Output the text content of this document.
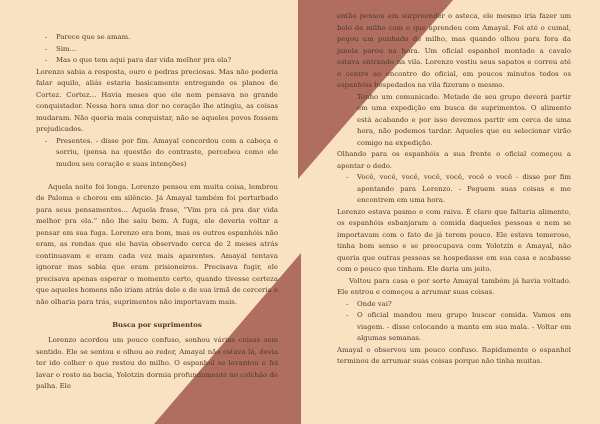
- Parece que se amam.

- Sim…

- Mas o que tem aqui para dar vida melhor pra ela?

Lorenzo sabia a resposta, ouro e pedras preciosas. Mas não poderia falar aquilo, aliás estaria basicamente entregando os planos de Cortez. Cortez… Havia meses que ele nem pensava no grande conquistador. Nessa hora uma dor no coração lhe atingiu, as coisas mudaram. Não queria mais conquistar, não se aqueles povos fossem prejudicados.

- Presentes. - disse por fim. Amayal concordou com a cabeça e sorriu, (pensa na questão do contraste, percebeu como ele mudou seu coração e suas intenções)

Aquela noite foi longa. Lorenzo pensou em muita coisa, lembrou de Paloma e chorou em silêncio. Já Amayal também foi perturbado para seus pensamentos… Aquela frase, “Vim pra cá pra dar vida melhor pra ela.” não lhe saiu bem. A fuga, ele deveria voltar a pensar em sua fuga. Lorenzo era bom, mas os outros espanhóis não eram, as rondas que ele havia observado cerca de 2 meses atrás continuavam e eram cada vez mais aparentes. Amayal tentava ignorar mas sabia que eram prisioneiros. Precisava fugir, ele precisava apenas esperar o momento certo, quando tivesse certeza que aqueles homens não iriam atrás dele e de sua irmã de cerceria e não olharia para trás, suprimentos não importavam mais.

Busca por suprimentos

Lorenzo acordou um pouco confuso, sonhou várias coisas sem sentido. Ele se sentou e olhou ao redor, Amayal não estava lá, devia ter ido colher o que restou do milho. O espanhol se levantou e foi lavar o rosto na bacia, Yolotzin dormia profundamente no colchão de palha. Ele

então pensou em surpreender o asteca, ele mesmo iria fazer um bolo de milho com o que aprendeu com Amayal. Foi até o cumal, pegou um punhado de milho, mas quando olhou para fora da janela parou na hora. Um oficial espanhol montado a cavalo estava entrando na vila. Lorenzo vestiu seus sapatos e correu até o centro ao encontro do oficial, em poucos minutos todos os espanhóis hospedados na vila fizeram o mesmo.

Tenho um comunicado. Metade de seu grupo deverá partir em uma expedição em busca de suprimentos. O alimento está acabando e por isso devemos partir em cerca de uma hora, não podemos tardar. Aqueles que eu selecionar virão comigo na expedição.

Olhando para os espanhóis a sua frente o oficial começou a apontar o dedo.

- Você, você, você, você, você, você e você - disse por fim apontando para Lorenzo. - Peguem suas coisas e me encontrem em uma hora.

Lorenzo estava pasmo e com raiva. É claro que faltaria alimento, os espanhóis esbanjaram a comida daqueles pessoas e nem se importavam com o fato de já terem pouco. Ele estava temeroso, tinha bom senso e se preocupava com Yolotzin e Amayal, não queria que outras pessoas se hospedasse em sua casa e acabasse com o pouco que tinham. Ele daria um jeito.

Voltou para casa e por sorte Amayal também já havia voltado. Ele entrou e começou a arrumar suas coisas.

- Onde vai?

- O oficial mandou meu grupo buscar comida. Vamos em viagem. - disse colocando a manta em sua mala. - Voltar em algumas semanas.

Amayal o observou um pouco confuso. Rapidamente o espanhol terminou de arrumar suas coisas porque não tinha muitas.
